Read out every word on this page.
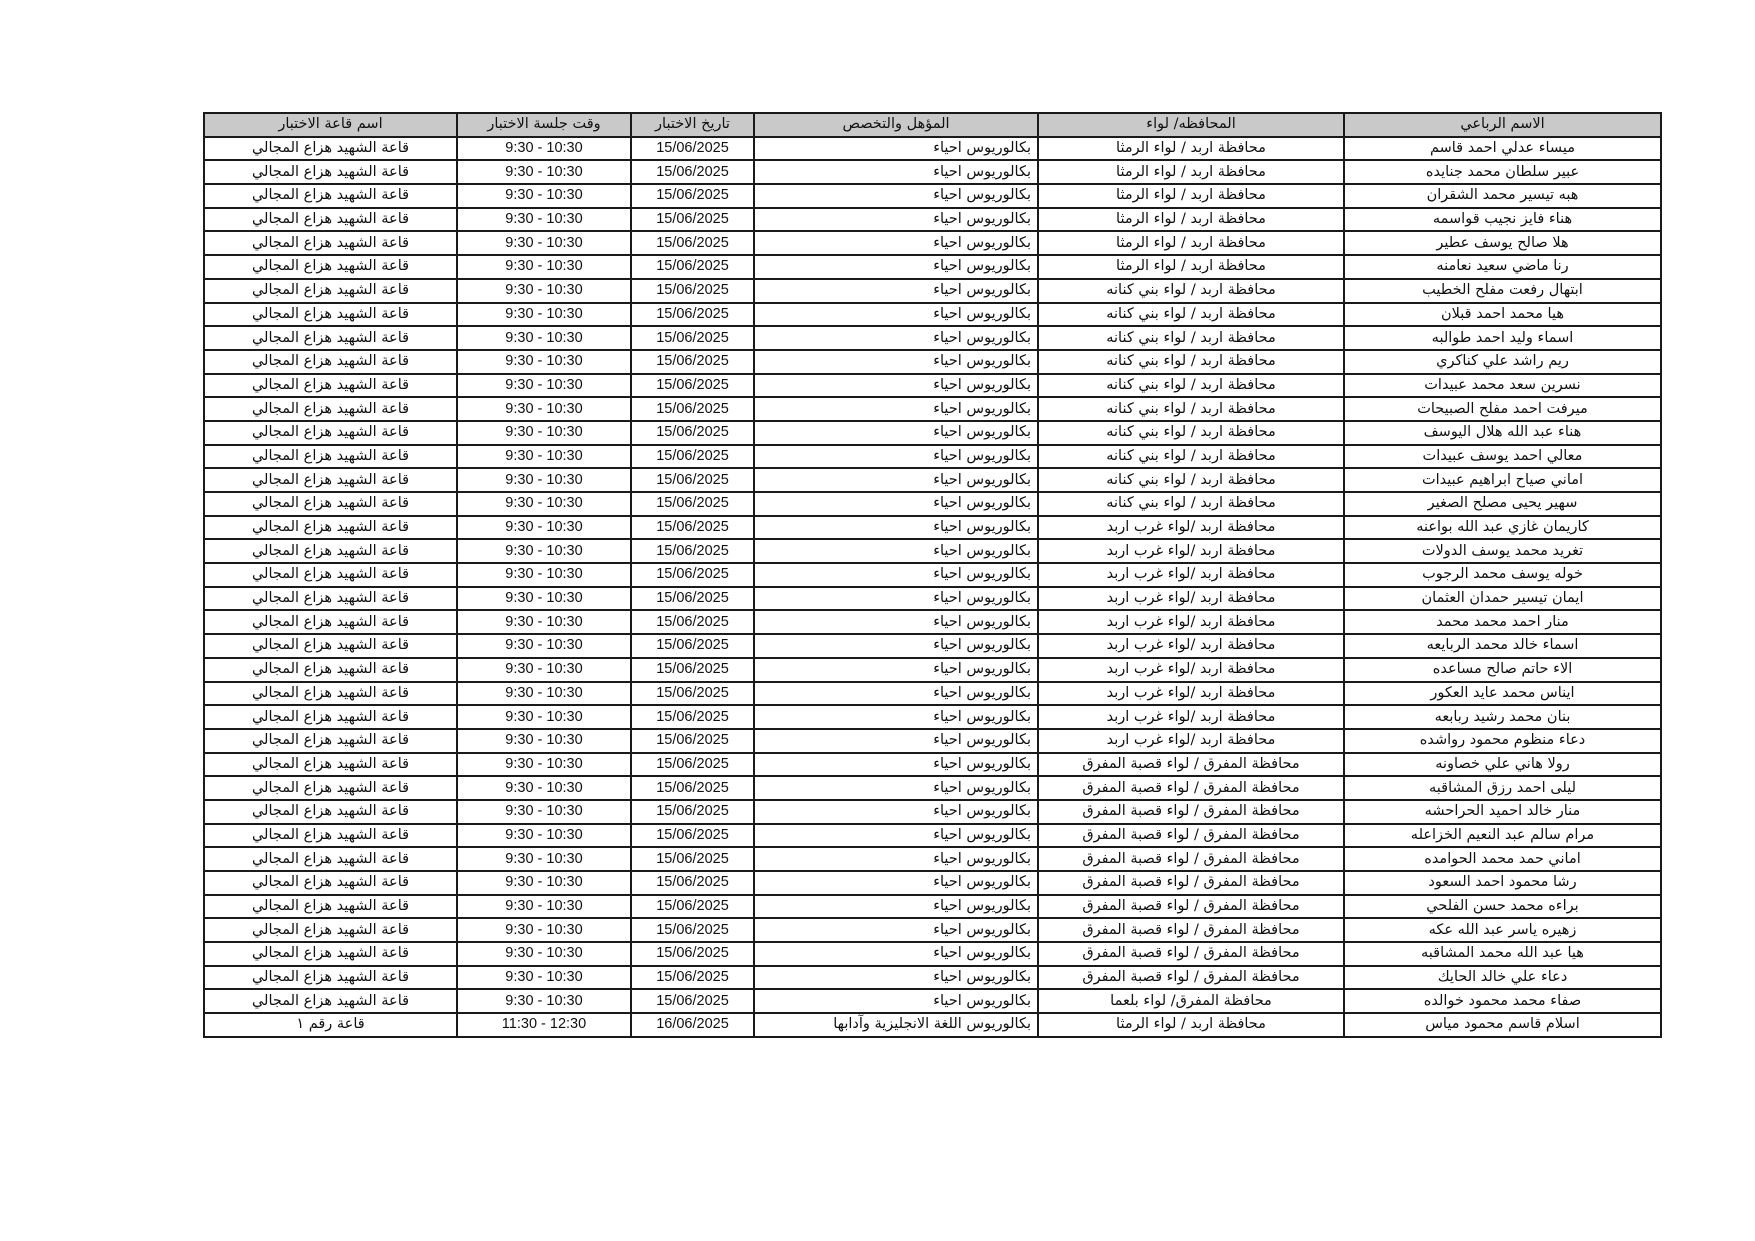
الاسم الرباعي	المحافظه/ لواء	المؤهل والتخصص	تاريخ الاختبار	وقت جلسة الاختبار	اسم قاعة الاختبار
ميساء عدلي احمد قاسم	محافظة اربد / لواء الرمثا	بكالوريوس احياء	15/06/2025	9:30 - 10:30	قاعة الشهيد هزاع المجالي
عبير سلطان محمد جنايده	محافظة اربد / لواء الرمثا	بكالوريوس احياء	15/06/2025	9:30 - 10:30	قاعة الشهيد هزاع المجالي
هبه تيسير محمد الشقران	محافظة اربد / لواء الرمثا	بكالوريوس احياء	15/06/2025	9:30 - 10:30	قاعة الشهيد هزاع المجالي
هناء فايز نجيب قواسمه	محافظة اربد / لواء الرمثا	بكالوريوس احياء	15/06/2025	9:30 - 10:30	قاعة الشهيد هزاع المجالي
هلا صالح يوسف عطير	محافظة اربد / لواء الرمثا	بكالوريوس احياء	15/06/2025	9:30 - 10:30	قاعة الشهيد هزاع المجالي
رنا ماضي سعيد نعامنه	محافظة اربد / لواء الرمثا	بكالوريوس احياء	15/06/2025	9:30 - 10:30	قاعة الشهيد هزاع المجالي
ابتهال رفعت مفلح الخطيب	محافظة اربد / لواء بني كنانه	بكالوريوس احياء	15/06/2025	9:30 - 10:30	قاعة الشهيد هزاع المجالي
هيا محمد احمد قبلان	محافظة اربد / لواء بني كنانه	بكالوريوس احياء	15/06/2025	9:30 - 10:30	قاعة الشهيد هزاع المجالي
اسماء وليد احمد طوالبه	محافظة اربد / لواء بني كنانه	بكالوريوس احياء	15/06/2025	9:30 - 10:30	قاعة الشهيد هزاع المجالي
ريم راشد علي كناكري	محافظة اربد / لواء بني كنانه	بكالوريوس احياء	15/06/2025	9:30 - 10:30	قاعة الشهيد هزاع المجالي
نسرين سعد محمد عبيدات	محافظة اربد / لواء بني كنانه	بكالوريوس احياء	15/06/2025	9:30 - 10:30	قاعة الشهيد هزاع المجالي
ميرفت احمد مفلح الصبيحات	محافظة اربد / لواء بني كنانه	بكالوريوس احياء	15/06/2025	9:30 - 10:30	قاعة الشهيد هزاع المجالي
هناء عبد الله هلال اليوسف	محافظة اربد / لواء بني كنانه	بكالوريوس احياء	15/06/2025	9:30 - 10:30	قاعة الشهيد هزاع المجالي
معالي احمد يوسف عبيدات	محافظة اربد / لواء بني كنانه	بكالوريوس احياء	15/06/2025	9:30 - 10:30	قاعة الشهيد هزاع المجالي
اماني صياح ابراهيم عبيدات	محافظة اربد / لواء بني كنانه	بكالوريوس احياء	15/06/2025	9:30 - 10:30	قاعة الشهيد هزاع المجالي
سهير يحيى مصلح الصغير	محافظة اربد / لواء بني كنانه	بكالوريوس احياء	15/06/2025	9:30 - 10:30	قاعة الشهيد هزاع المجالي
كاريمان غازي عبد الله بواعنه	محافظة اربد /لواء غرب اربد	بكالوريوس احياء	15/06/2025	9:30 - 10:30	قاعة الشهيد هزاع المجالي
تغريد محمد يوسف الدولات	محافظة اربد /لواء غرب اربد	بكالوريوس احياء	15/06/2025	9:30 - 10:30	قاعة الشهيد هزاع المجالي
خوله يوسف محمد الرجوب	محافظة اربد /لواء غرب اربد	بكالوريوس احياء	15/06/2025	9:30 - 10:30	قاعة الشهيد هزاع المجالي
ايمان تيسير حمدان العثمان	محافظة اربد /لواء غرب اربد	بكالوريوس احياء	15/06/2025	9:30 - 10:30	قاعة الشهيد هزاع المجالي
منار احمد محمد محمد	محافظة اربد /لواء غرب اربد	بكالوريوس احياء	15/06/2025	9:30 - 10:30	قاعة الشهيد هزاع المجالي
اسماء خالد محمد الربايعه	محافظة اربد /لواء غرب اربد	بكالوريوس احياء	15/06/2025	9:30 - 10:30	قاعة الشهيد هزاع المجالي
الاء حاتم صالح مساعده	محافظة اربد /لواء غرب اربد	بكالوريوس احياء	15/06/2025	9:30 - 10:30	قاعة الشهيد هزاع المجالي
ايناس محمد عايد العكور	محافظة اربد /لواء غرب اربد	بكالوريوس احياء	15/06/2025	9:30 - 10:30	قاعة الشهيد هزاع المجالي
بنان محمد رشيد ربابعه	محافظة اربد /لواء غرب اربد	بكالوريوس احياء	15/06/2025	9:30 - 10:30	قاعة الشهيد هزاع المجالي
دعاء منظوم محمود رواشده	محافظة اربد /لواء غرب اربد	بكالوريوس احياء	15/06/2025	9:30 - 10:30	قاعة الشهيد هزاع المجالي
رولا هاني علي خصاونه	محافظة المفرق / لواء قصبة المفرق	بكالوريوس احياء	15/06/2025	9:30 - 10:30	قاعة الشهيد هزاع المجالي
ليلى احمد رزق المشاقبه	محافظة المفرق / لواء قصبة المفرق	بكالوريوس احياء	15/06/2025	9:30 - 10:30	قاعة الشهيد هزاع المجالي
منار خالد احميد الحراحشه	محافظة المفرق / لواء قصبة المفرق	بكالوريوس احياء	15/06/2025	9:30 - 10:30	قاعة الشهيد هزاع المجالي
مرام سالم عبد النعيم الخزاعله	محافظة المفرق / لواء قصبة المفرق	بكالوريوس احياء	15/06/2025	9:30 - 10:30	قاعة الشهيد هزاع المجالي
اماني حمد محمد الحوامده	محافظة المفرق / لواء قصبة المفرق	بكالوريوس احياء	15/06/2025	9:30 - 10:30	قاعة الشهيد هزاع المجالي
رشا محمود احمد السعود	محافظة المفرق / لواء قصبة المفرق	بكالوريوس احياء	15/06/2025	9:30 - 10:30	قاعة الشهيد هزاع المجالي
براءه محمد حسن الفلحي	محافظة المفرق / لواء قصبة المفرق	بكالوريوس احياء	15/06/2025	9:30 - 10:30	قاعة الشهيد هزاع المجالي
زهيره ياسر عبد الله عكه	محافظة المفرق / لواء قصبة المفرق	بكالوريوس احياء	15/06/2025	9:30 - 10:30	قاعة الشهيد هزاع المجالي
هيا عبد الله محمد المشاقبه	محافظة المفرق / لواء قصبة المفرق	بكالوريوس احياء	15/06/2025	9:30 - 10:30	قاعة الشهيد هزاع المجالي
دعاء علي خالد الحايك	محافظة المفرق / لواء قصبة المفرق	بكالوريوس احياء	15/06/2025	9:30 - 10:30	قاعة الشهيد هزاع المجالي
صفاء محمد محمود خوالده	محافظة المفرق/ لواء بلعما	بكالوريوس احياء	15/06/2025	9:30 - 10:30	قاعة الشهيد هزاع المجالي
اسلام قاسم محمود مياس	محافظة اربد / لواء الرمثا	بكالوريوس اللغة الانجليزية وآدابها	16/06/2025	11:30 - 12:30	قاعة رقم ١
